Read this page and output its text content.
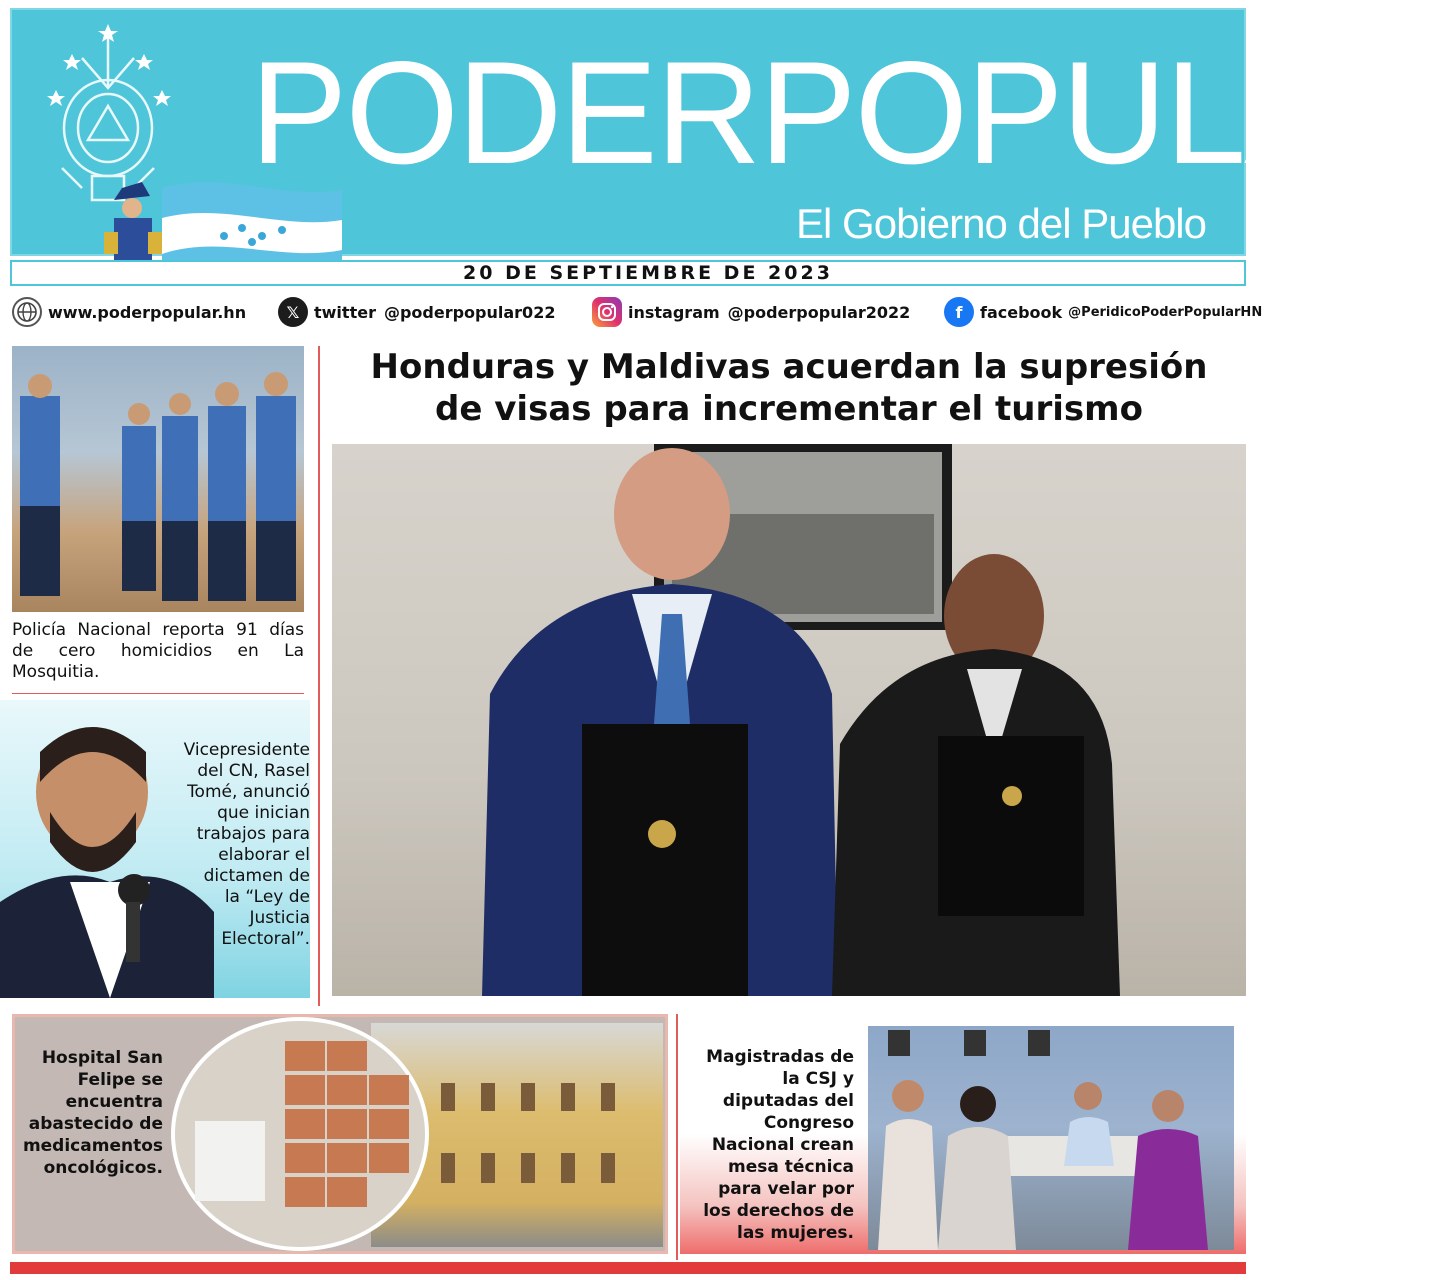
PODERPOPULAR
El Gobierno del Pueblo
20 DE SEPTIEMBRE DE 2023
www.poderpopular.hn	𝕏 twitter @poderpopular022	instagram @poderpopular2022	f	facebook @PeridicoPoderPopularHN
Policía Nacional reporta 91 días de cero homicidios en La Mosquitia.
Vicepresidente
del CN, Rasel
Tomé, anunció
que inician
trabajos para
elaborar el
dictamen de
la “Ley de
Justicia
Electoral”.
Honduras y Maldivas acuerdan la supresión
de visas para incrementar el turismo
Hospital San
Felipe se
encuentra
abastecido de
medicamentos
oncológicos.
Magistradas de
la CSJ y
diputadas del
Congreso
Nacional crean
mesa técnica
para velar por
los derechos de
las mujeres.
